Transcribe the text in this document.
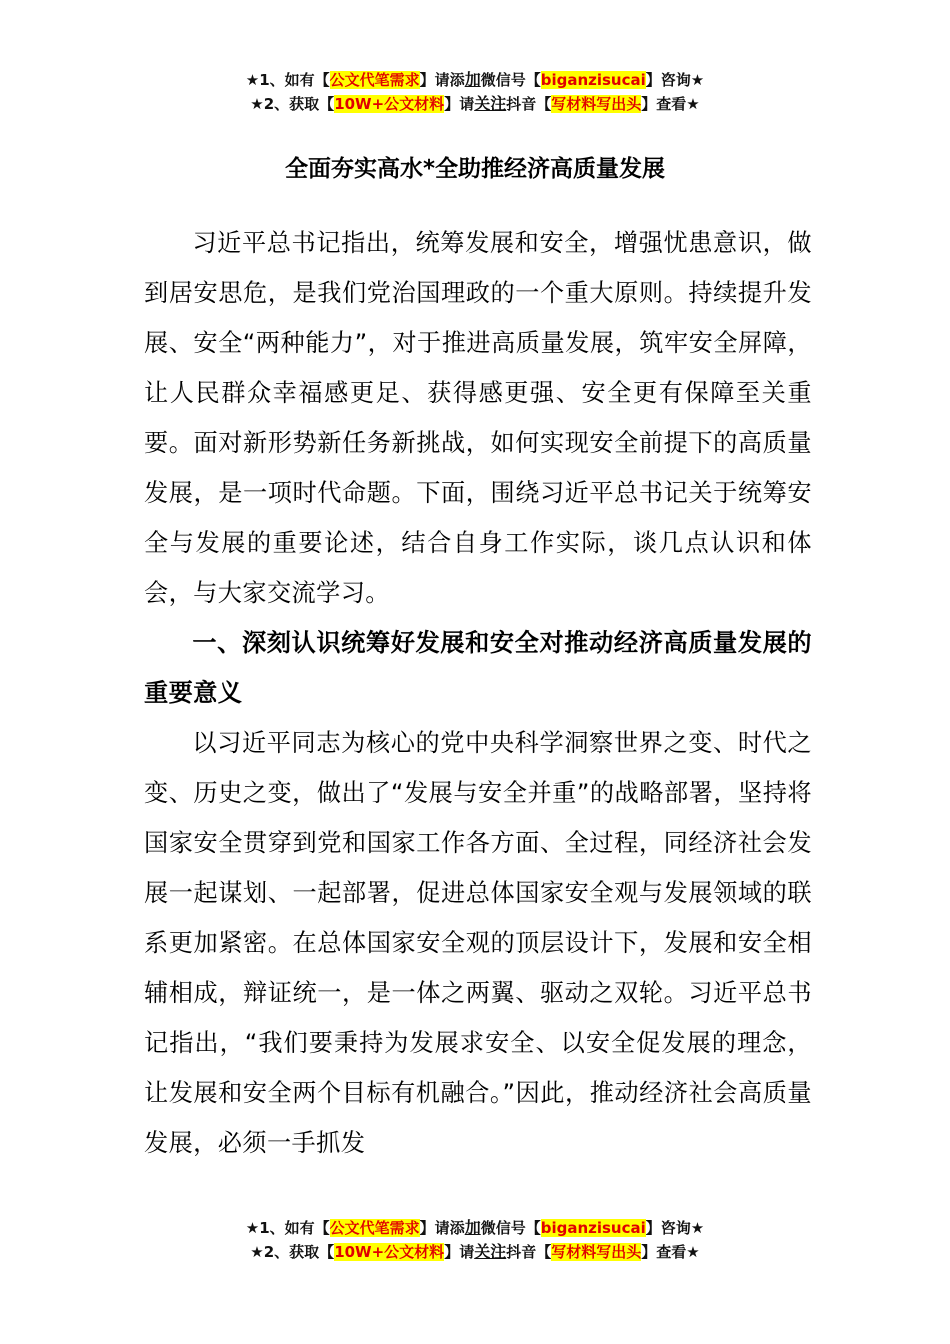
★1、如有【公文代笔需求】请添加微信号【biganzisucai】咨询★
★2、获取【10W+公文材料】请关注抖音【写材料写出头】查看★
全面夯实高水*全助推经济高质量发展

习近平总书记指出，统筹发展和安全，增强忧患意识，做到居安思危，是我们党治国理政的一个重大原则。持续提升发展、安全“两种能力”，对于推进高质量发展，筑牢安全屏障，让人民群众幸福感更足、获得感更强、安全更有保障至关重要。面对新形势新任务新挑战，如何实现安全前提下的高质量发展，是一项时代命题。下面，围绕习近平总书记关于统筹安全与发展的重要论述，结合自身工作实际，谈几点认识和体会，与大家交流学习。

一、深刻认识统筹好发展和安全对推动经济高质量发展的重要意义

以习近平同志为核心的党中央科学洞察世界之变、时代之变、历史之变，做出了“发展与安全并重”的战略部署，坚持将国家安全贯穿到党和国家工作各方面、全过程，同经济社会发展一起谋划、一起部署，促进总体国家安全观与发展领域的联系更加紧密。在总体国家安全观的顶层设计下，发展和安全相辅相成，辩证统一，是一体之两翼、驱动之双轮。习近平总书记指出，“我们要秉持为发展求安全、以安全促发展的理念，让发展和安全两个目标有机融合。”因此，推动经济社会高质量发展，必须一手抓发

★1、如有【公文代笔需求】请添加微信号【biganzisucai】咨询★
★2、获取【10W+公文材料】请关注抖音【写材料写出头】查看★
